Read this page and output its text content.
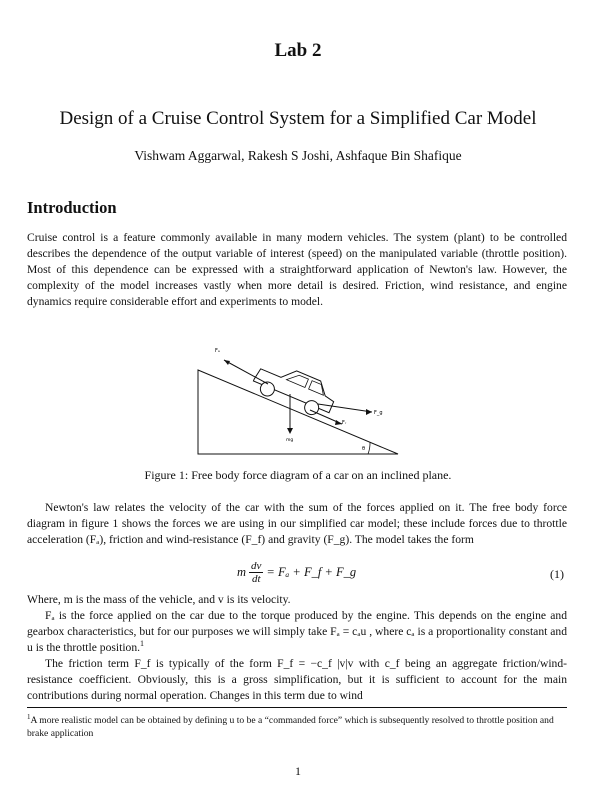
Lab 2
Design of a Cruise Control System for a Simplified Car Model
Vishwam Aggarwal, Rakesh S Joshi, Ashfaque Bin Shafique
Introduction

Cruise control is a feature commonly available in many modern vehicles. The system (plant) to be controlled describes the dependence of the output variable of interest (speed) on the manipulated variable (throttle position). Most of this dependence can be expressed with a straightforward application of Newton's law. However, the complexity of the model increases vastly when more detail is desired. Friction, wind resistance, and engine dynamics require considerable effort and experiments to model.

Fₐ
F_g
Fᵣ
mg
θ
Figure 1: Free body force diagram of a car on an inclined plane.

Newton's law relates the velocity of the car with the sum of the forces applied on it. The free body force diagram in figure 1 shows the forces we are using in our simplified car model; these include forces due to throttle acceleration (Fₐ), friction and wind-resistance (F_f) and gravity (F_g). The model takes the form

m $\frac{dv}{dt} = F_a$ + F_f + F_g	(1)

Where, m is the mass of the vehicle, and v is its velocity.

Fₐ is the force applied on the car due to the torque produced by the engine. This depends on the engine and gearbox characteristics, but for our purposes we will simply take Fₐ = cₐu , where cₐ is a proportionality constant and u is the throttle position.$^1$

The friction term F_f is typically of the form F_f = −c_f |v|v with c_f being an aggregate friction/wind-resistance coefficient. Obviously, this is a gross simplification, but it is sufficient to account for the main contributions during normal operation. Changes in this term due to wind

$^1$A more realistic model can be obtained by defining u to be a “commanded force” which is subsequently resolved to throttle position and brake application
1
